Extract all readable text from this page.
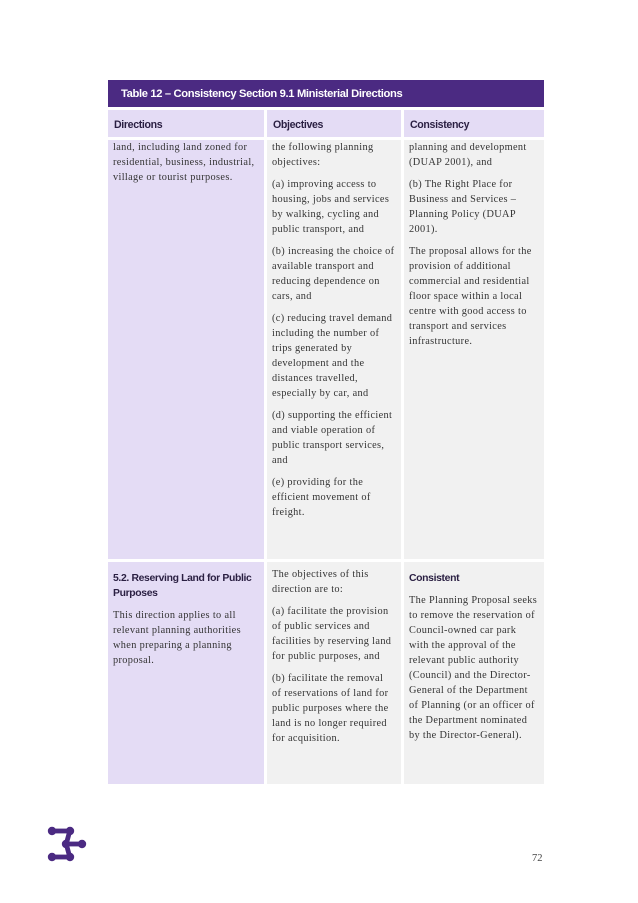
Table 12 – Consistency Section 9.1 Ministerial Directions
Directions	Objectives	Consistency

land, including land zoned for residential, business, industrial, village or tourist purposes.

the following planning objectives:

(a) improving access to housing, jobs and services by walking, cycling and public transport, and

(b) increasing the choice of available transport and reducing dependence on cars, and

(c) reducing travel demand including the number of trips generated by development and the distances travelled, especially by car, and

(d) supporting the efficient and viable operation of public transport services, and

(e) providing for the efficient movement of freight.

planning and development (DUAP 2001), and

(b) The Right Place for Business and Services – Planning Policy (DUAP 2001).

The proposal allows for the provision of additional commercial and residential floor space within a local centre with good access to transport and services infrastructure.

5.2. Reserving Land for Public Purposes

This direction applies to all relevant planning authorities when preparing a planning proposal.

The objectives of this direction are to:

(a) facilitate the provision of public services and facilities by reserving land for public purposes, and

(b) facilitate the removal of reservations of land for public purposes where the land is no longer required for acquisition.

Consistent

The Planning Proposal seeks to remove the reservation of Council-owned car park with the approval of the relevant public authority (Council) and the Director-General of the Department of Planning (or an officer of the Department nominated by the Director-General).

72
